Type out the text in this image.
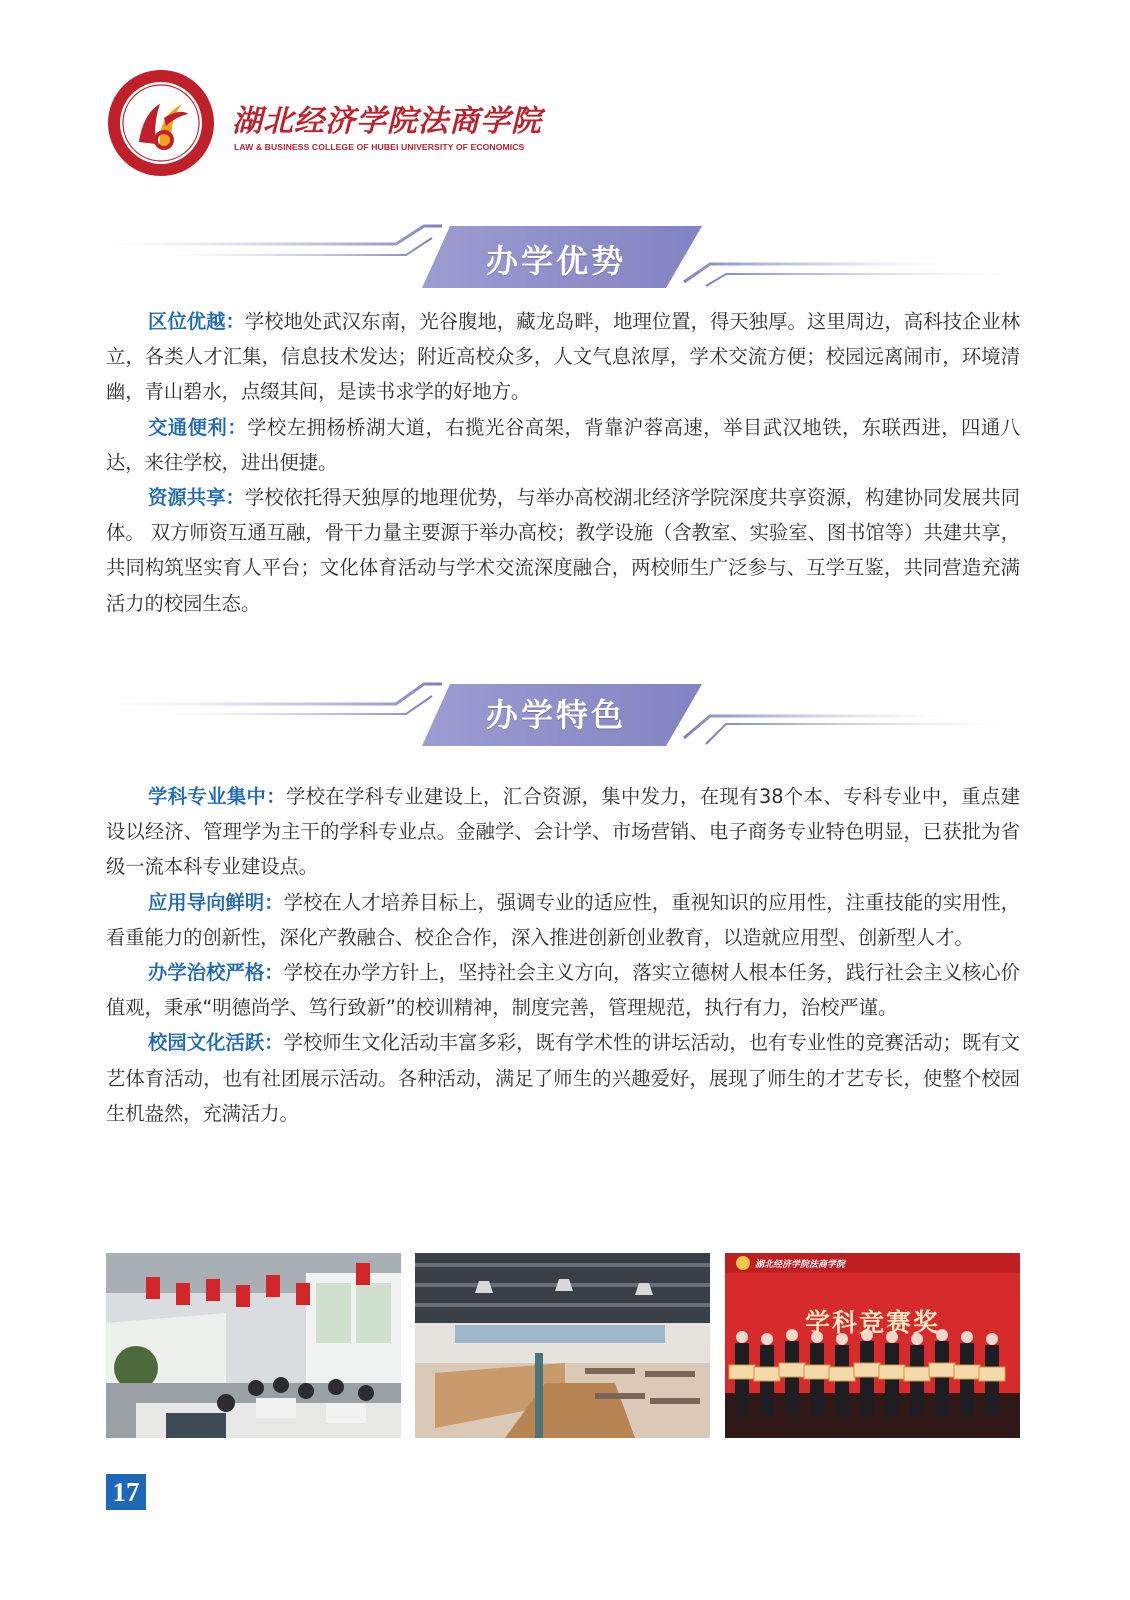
湖北经济学院法商学院
LAW & BUSINESS COLLEGE OF HUBEI UNIVERSITY OF ECONOMICS
办学优势

区位优越：学校地处武汉东南，光谷腹地，藏龙岛畔，地理位置，得天独厚。这里周边，高科技企业林立，各类人才汇集，信息技术发达；附近高校众多，人文气息浓厚，学术交流方便；校园远离闹市，环境清幽，青山碧水，点缀其间，是读书求学的好地方。

交通便利：学校左拥杨桥湖大道，右揽光谷高架，背靠沪蓉高速，举目武汉地铁，东联西进，四通八达，来往学校，进出便捷。

资源共享：学校依托得天独厚的地理优势，与举办高校湖北经济学院深度共享资源，构建协同发展共同体。 双方师资互通互融，骨干力量主要源于举办高校；教学设施（含教室、实验室、图书馆等）共建共享，共同构筑坚实育人平台；文化体育活动与学术交流深度融合，两校师生广泛参与、互学互鉴，共同营造充满活力的校园生态。

办学特色

学科专业集中：学校在学科专业建设上，汇合资源，集中发力，在现有38个本、专科专业中，重点建设以经济、管理学为主干的学科专业点。金融学、会计学、市场营销、电子商务专业特色明显，已获批为省级一流本科专业建设点。

应用导向鲜明：学校在人才培养目标上，强调专业的适应性，重视知识的应用性，注重技能的实用性，看重能力的创新性，深化产教融合、校企合作，深入推进创新创业教育，以造就应用型、创新型人才。

办学治校严格：学校在办学方针上，坚持社会主义方向，落实立德树人根本任务，践行社会主义核心价值观，秉承“明德尚学、笃行致新”的校训精神，制度完善，管理规范，执行有力，治校严谨。

校园文化活跃：学校师生文化活动丰富多彩，既有学术性的讲坛活动，也有专业性的竞赛活动；既有文艺体育活动，也有社团展示活动。各种活动，满足了师生的兴趣爱好，展现了师生的才艺专长，使整个校园生机盎然，充满活力。

湖北经济学院法商学院
学科竞赛奖
17
